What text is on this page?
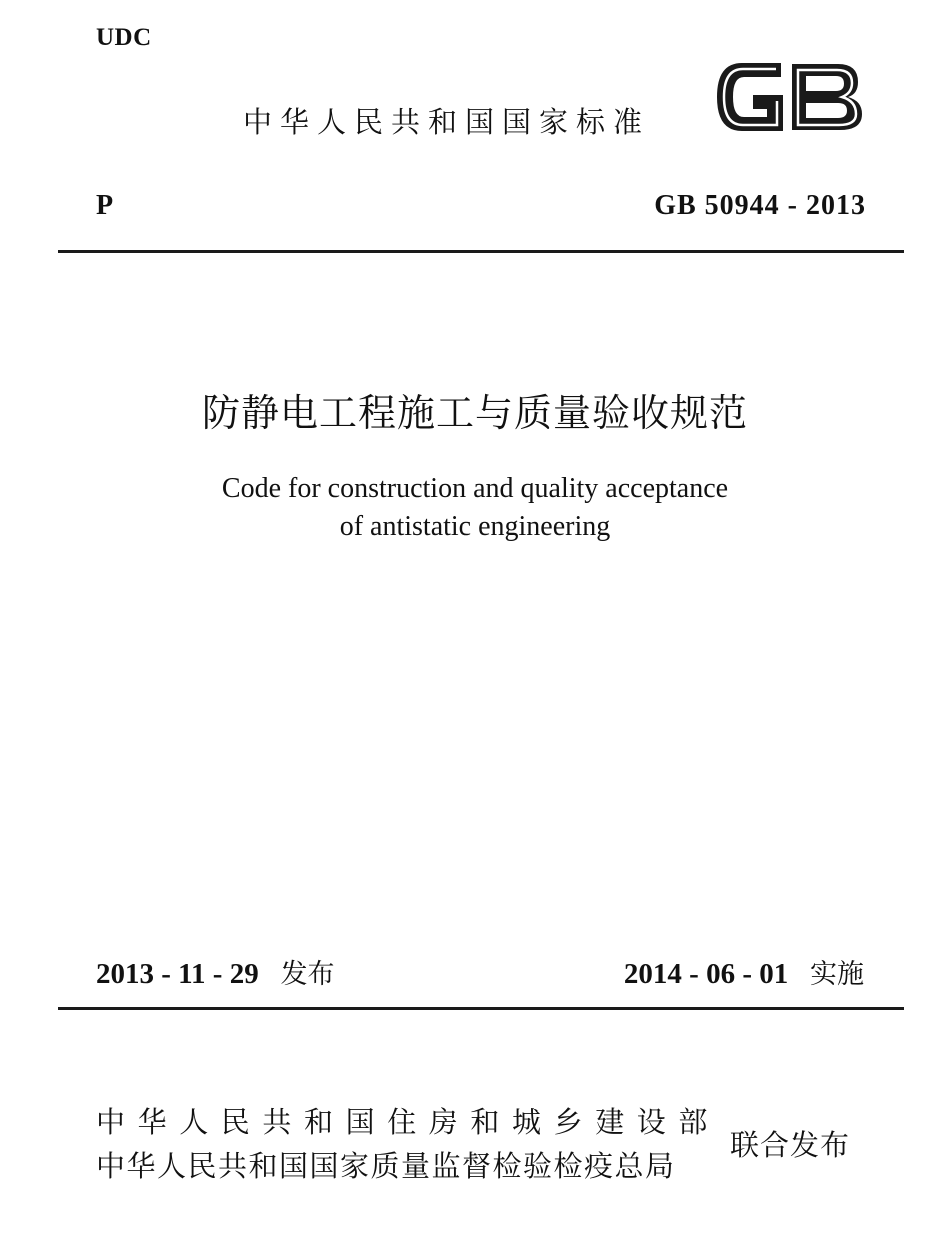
UDC
中华人民共和国国家标准
P	GB 50944 - 2013
防静电工程施工与质量验收规范
Code for construction and quality acceptance
of antistatic engineering
2013 - 11 - 29 发布	2014 - 06 - 01 实施
中华人民共和国住房和城乡建设部
中华人民共和国国家质量监督检验检疫总局
联合发布
